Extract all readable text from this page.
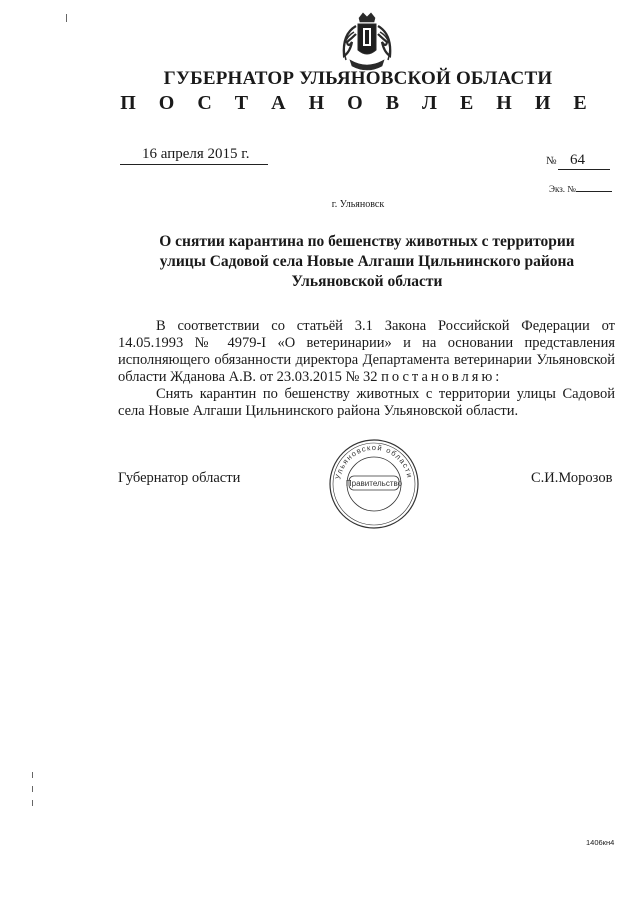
ГУБЕРНАТОР УЛЬЯНОВСКОЙ ОБЛАСТИ
П О С Т А Н О В Л Е Н И Е
16 апреля 2015 г.	№ 64
Экз. №
г. Ульяновск
О снятии карантина по бешенству животных с территории
улицы Садовой села Новые Алгаши Цильнинского района
Ульяновской области

В соответствии со статьёй 3.1 Закона Российской Федерации от 14.05.1993 № 4979-I «О ветеринарии» и на основании представления исполняющего обязанности директора Департамента ветеринарии Ульяновской области Жданова А.В. от 23.03.2015 № 32 постановляю:

Снять карантин по бешенству животных с территории улицы Садовой села Новые Алгаши Цильнинского района Ульяновской области.

Губернатор области	Ульяновской области
Правительство	С.И.Морозов
1406кн4
